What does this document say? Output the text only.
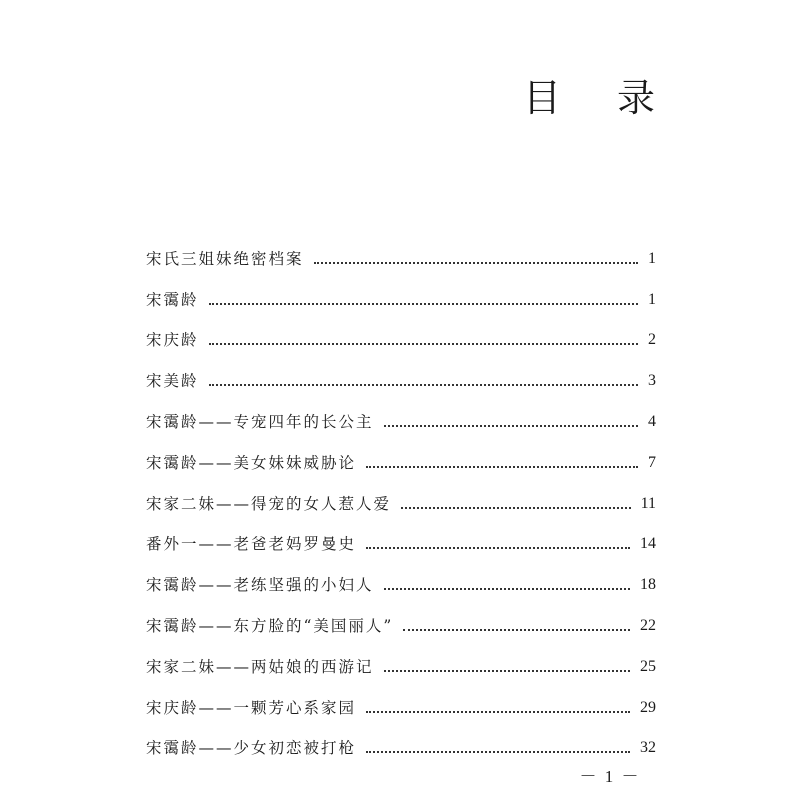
目 录
宋氏三姐妹绝密档案	1
宋霭龄	1
宋庆龄	2
宋美龄	3
宋霭龄——专宠四年的长公主	4
宋霭龄——美女妹妹威胁论	7
宋家二妹——得宠的女人惹人爱	11
番外一——老爸老妈罗曼史	14
宋霭龄——老练坚强的小妇人	18
宋霭龄——东方脸的“美国丽人”	22
宋家二妹——两姑娘的西游记	25
宋庆龄——一颗芳心系家园	29
宋霭龄——少女初恋被打枪	32
－ 1 －
